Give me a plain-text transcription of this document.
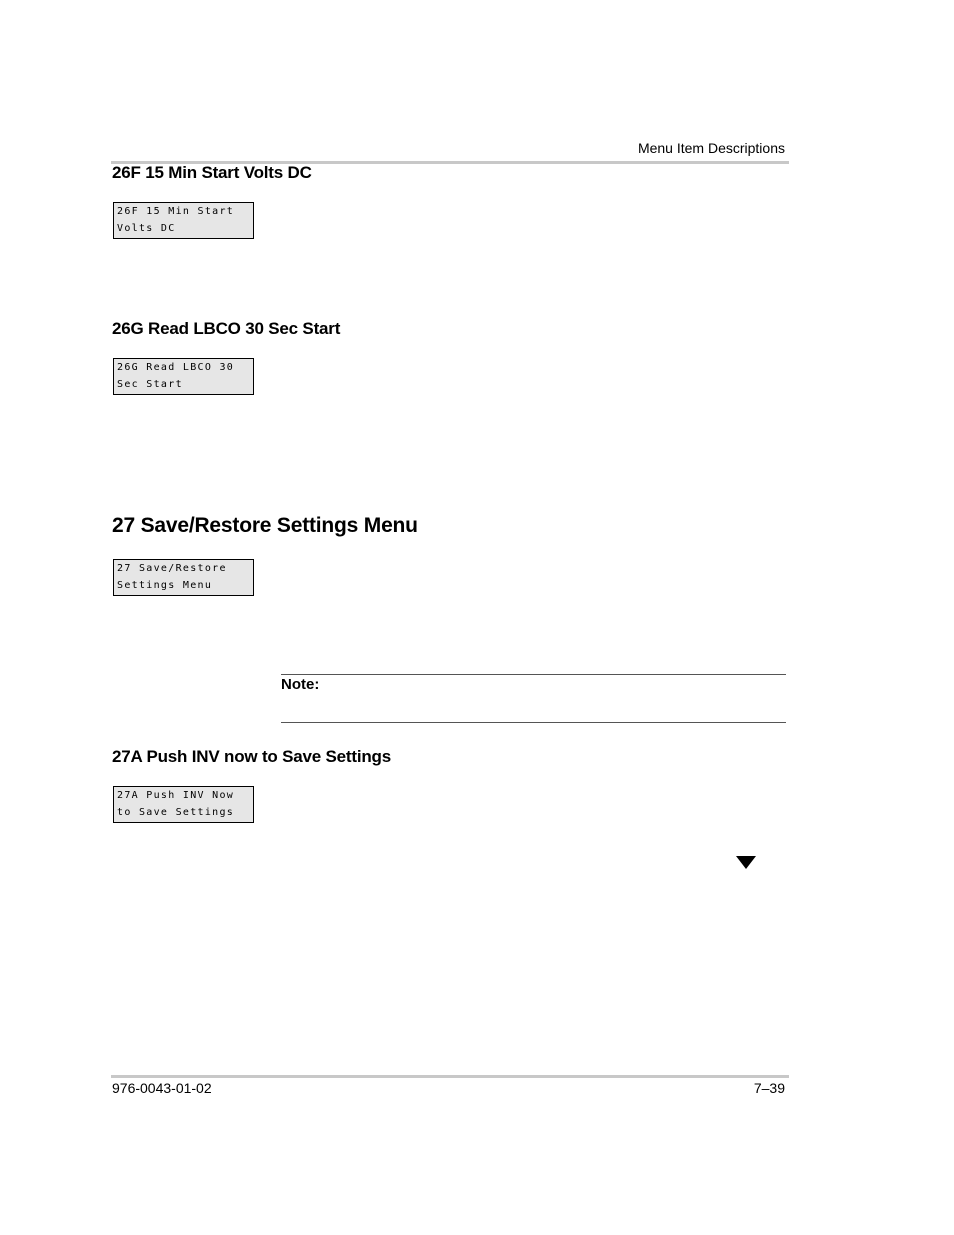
Menu Item Descriptions
26F 15 Min Start Volts DC
26F 15 Min Start
Volts DC
26G Read LBCO 30 Sec Start
26G Read LBCO 30
Sec Start
27 Save/Restore Settings Menu
27 Save/Restore
Settings Menu
Note:
27A Push INV now to Save Settings
27A Push INV Now
to Save Settings
976-0043-01-02	7–39
